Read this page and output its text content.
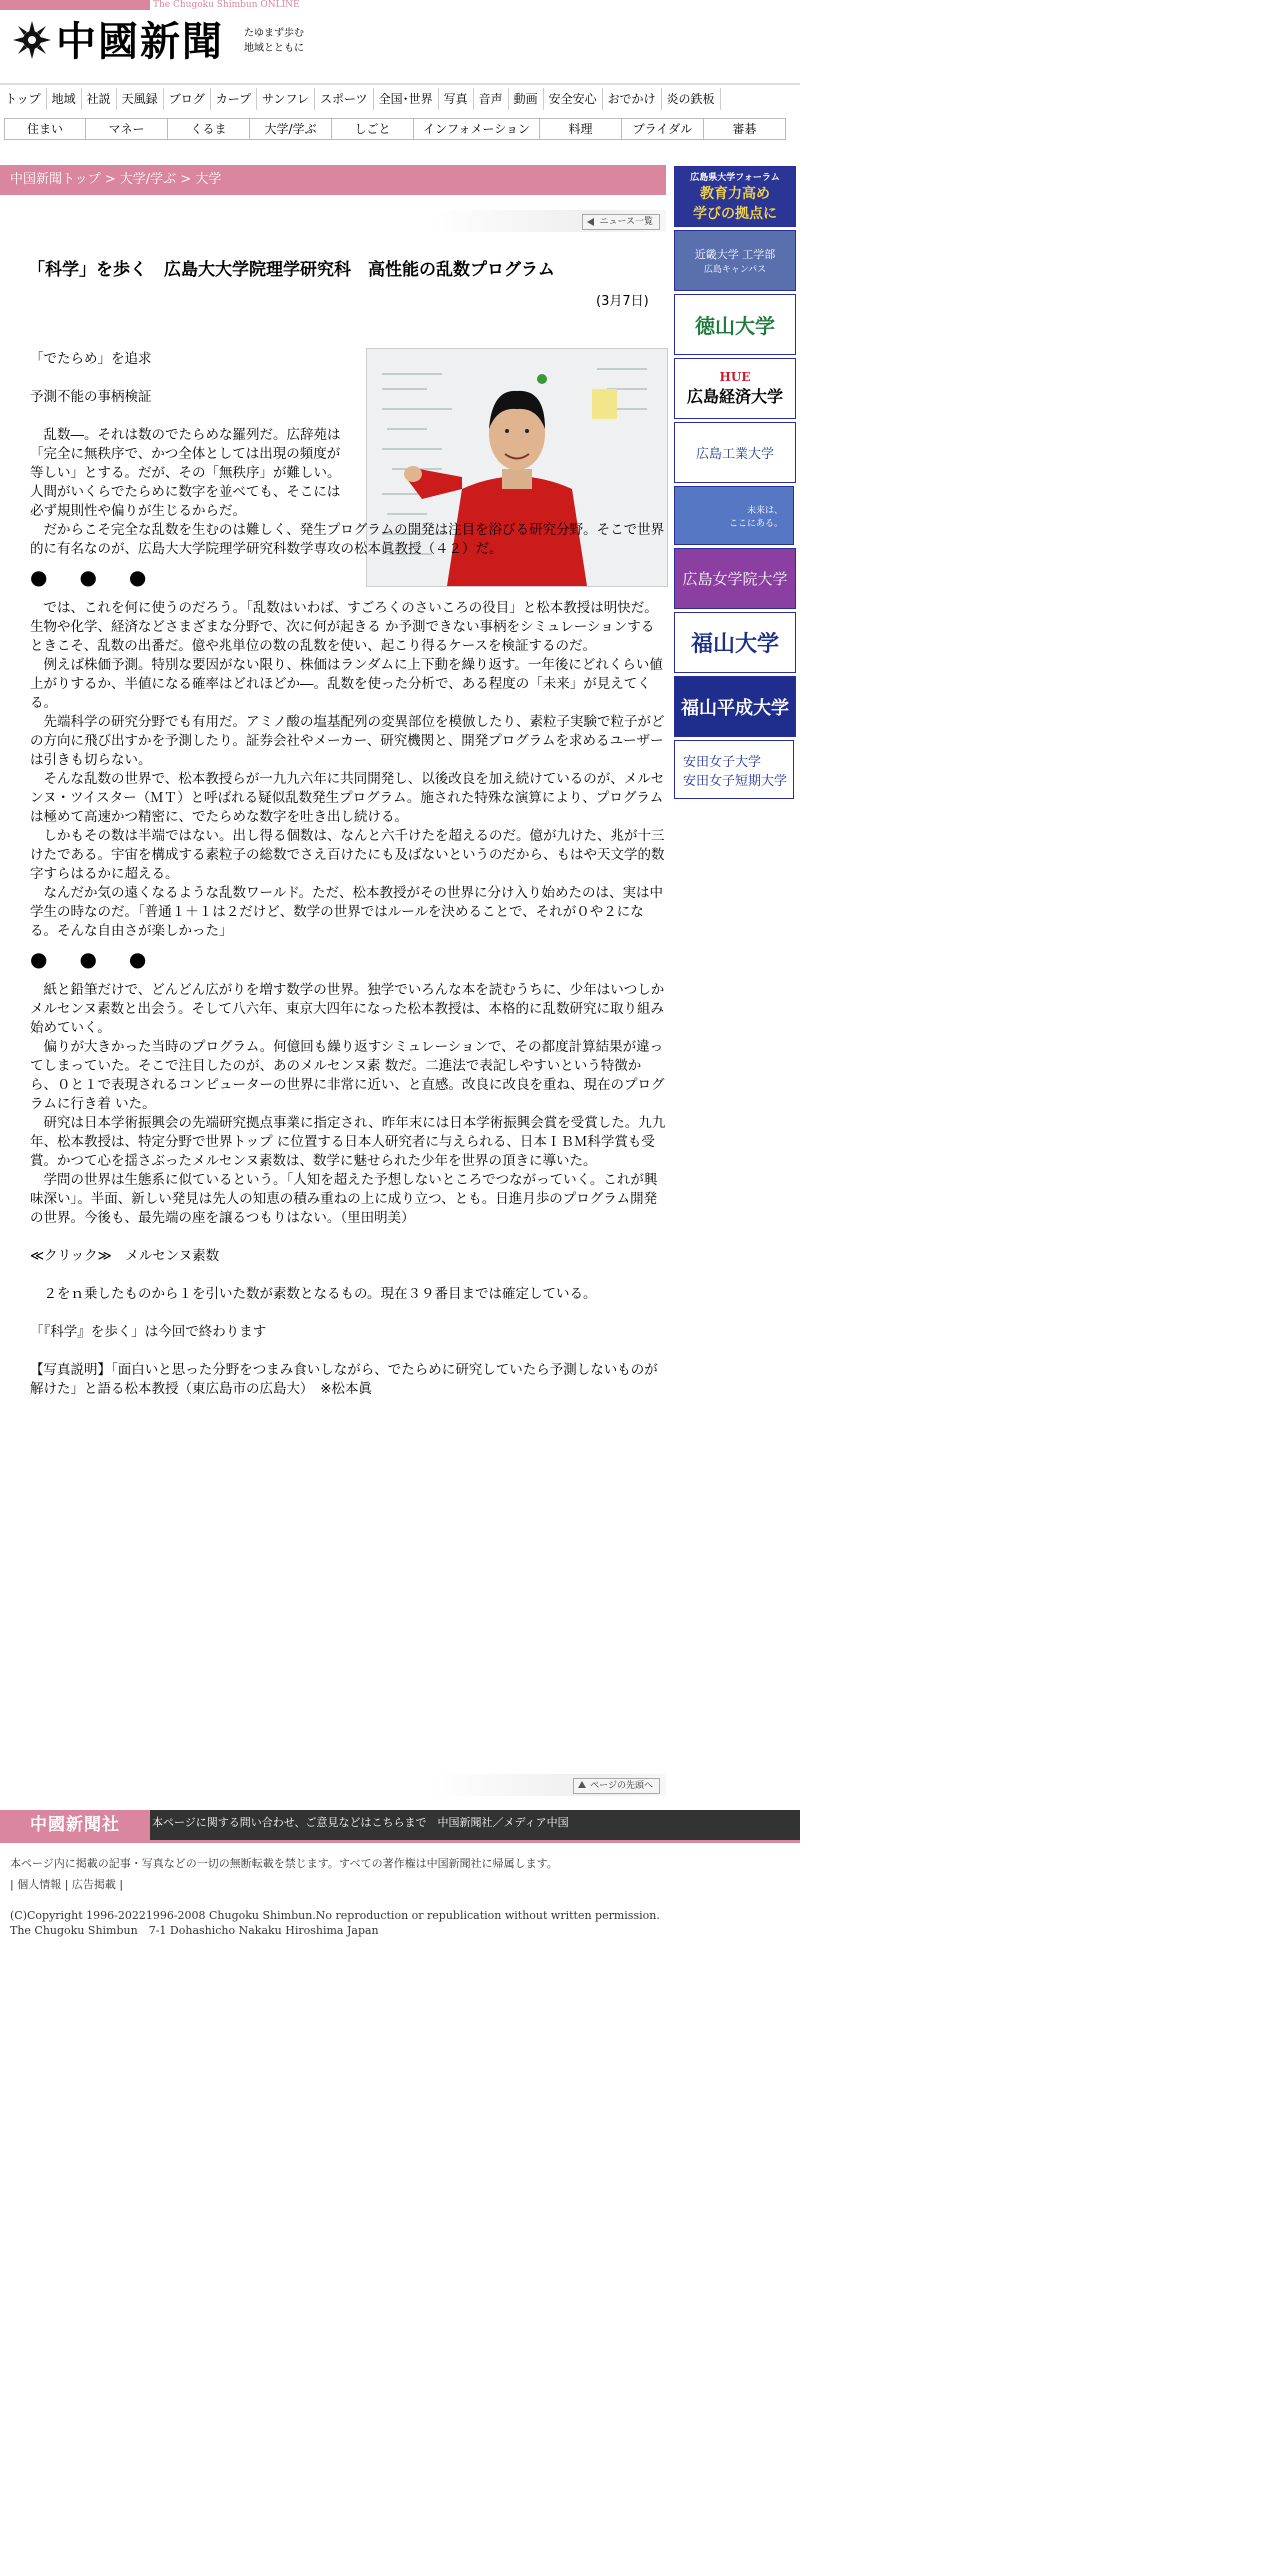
The Chugoku Shimbun ONLINE
中國新聞 たゆまず歩む
地域とともに
トップ 地域 社説 天風録 ブログ カープ サンフレ スポーツ 全国･世界 写真 音声 動画 安全安心 おでかけ 炎の鉄板
住まい	マネー	くるま	大学/学ぶ	しごと	インフォメーション	料理	ブライダル	審碁
中国新聞トップ > 大学/学ぶ > 大学
ニュース一覧
「科学」を歩く　広島大大学院理学研究科　高性能の乱数プログラム
(3月7日)

「でたらめ」を追求

予測不能の事柄検証

　乱数―。それは数のでたらめな羅列だ。広辞苑は「完全に無秩序で、かつ全体としては出現の頻度が等しい」とする。だが、その「無秩序」が難しい。人間がいくらでたらめに数字を並べても、そこには必ず規則性や偏りが生じるからだ。

　だからこそ完全な乱数を生むのは難しく、発生プログラムの開発は注目を浴びる研究分野。そこで世界的に有名なのが、広島大大学院理学研究科数学専攻の松本眞教授（４２）だ。

●　●　●

　では、これを何に使うのだろう。「乱数はいわば、すごろくのさいころの役目」と松本教授は明快だ。生物や化学、経済などさまざまな分野で、次に何が起きる か予測できない事柄をシミュレーションするときこそ、乱数の出番だ。億や兆単位の数の乱数を使い、起こり得るケースを検証するのだ。

　例えば株価予測。特別な要因がない限り、株価はランダムに上下動を繰り返す。一年後にどれくらい値上がりするか、半値になる確率はどれほどか―。乱数を使った分析で、ある程度の「未来」が見えてくる。

　先端科学の研究分野でも有用だ。アミノ酸の塩基配列の変異部位を模倣したり、素粒子実験で粒子がどの方向に飛び出すかを予測したり。証券会社やメーカー、研究機関と、開発プログラムを求めるユーザーは引きも切らない。

　そんな乱数の世界で、松本教授らが一九九六年に共同開発し、以後改良を加え続けているのが、メルセンヌ・ツイスター（ＭＴ）と呼ばれる疑似乱数発生プログラム。施された特殊な演算により、プログラムは極めて高速かつ精密に、でたらめな数字を吐き出し続ける。

　しかもその数は半端ではない。出し得る個数は、なんと六千けたを超えるのだ。億が九けた、兆が十三けたである。宇宙を構成する素粒子の総数でさえ百けたにも及ばないというのだから、もはや天文学的数字すらはるかに超える。

　なんだか気の遠くなるような乱数ワールド。ただ、松本教授がその世界に分け入り始めたのは、実は中学生の時なのだ。「普通１＋１は２だけど、数学の世界ではルールを決めることで、それが０や２になる。そんな自由さが楽しかった」

●　●　●

　紙と鉛筆だけで、どんどん広がりを増す数学の世界。独学でいろんな本を読むうちに、少年はいつしかメルセンヌ素数と出会う。そして八六年、東京大四年になった松本教授は、本格的に乱数研究に取り組み始めていく。

　偏りが大きかった当時のプログラム。何億回も繰り返すシミュレーションで、その都度計算結果が違ってしまっていた。そこで注目したのが、あのメルセンヌ素 数だ。二進法で表記しやすいという特徴から、０と１で表現されるコンピューターの世界に非常に近い、と直感。改良に改良を重ね、現在のプログラムに行き着 いた。

　研究は日本学術振興会の先端研究拠点事業に指定され、昨年末には日本学術振興会賞を受賞した。九九年、松本教授は、特定分野で世界トップ に位置する日本人研究者に与えられる、日本ＩＢＭ科学賞も受賞。かつて心を揺さぶったメルセンヌ素数は、数学に魅せられた少年を世界の頂きに導いた。

　学問の世界は生態系に似ているという。「人知を超えた予想しないところでつながっていく。これが興味深い」。半面、新しい発見は先人の知恵の積み重ねの上に成り立つ、とも。日進月歩のプログラム開発の世界。今後も、最先端の座を譲るつもりはない。（里田明美）

≪クリック≫　メルセンヌ素数

　２をｎ乗したものから１を引いた数が素数となるもの。現在３９番目までは確定している。

「『科学』を歩く」は今回で終わります

【写真説明】「面白いと思った分野をつまみ食いしながら、でたらめに研究していたら予測しないものが解けた」と語る松本教授（東広島市の広島大）　※松本眞

ページの先頭へ
広島県大学フォーラム
教育力高め
学びの拠点に
近畿大学 工学部
広島キャンパス
徳山大学
HUE
広島経済大学
広島工業大学
未来は、
ここにある。
広島女学院大学
福山大学
福山平成大学
安田女子大学
安田女子短期大学
中國新聞社	本ページに関する問い合わせ、ご意見などはこちらまで　中国新聞社／メディア中国
本ページ内に掲載の記事・写真などの一切の無断転載を禁じます。すべての著作権は中国新聞社に帰属します。
| 個人情報 | 広告掲載 |
(C)Copyright 1996-20221996-2008 Chugoku Shimbun.No reproduction or republication without written permission.
The Chugoku Shimbun　7-1 Dohashicho Nakaku Hiroshima Japan
